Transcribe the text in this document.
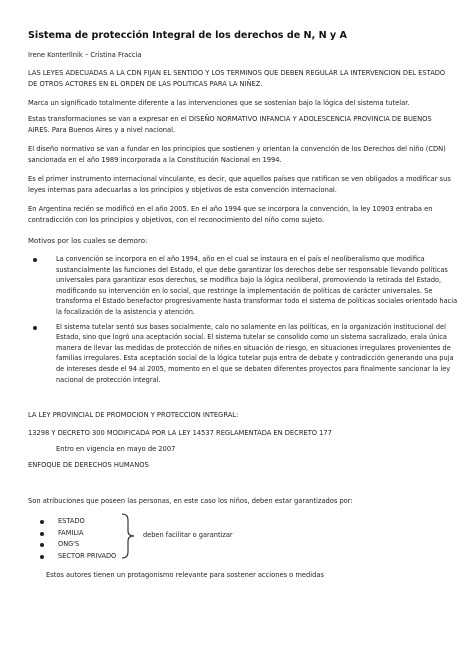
Sistema de protección Integral de los derechos de N, N y A
Irene Konterllnik – Cristina Fraccia
LAS LEYES ADECUADAS A LA CDN FIJAN EL SENTIDO Y LOS TERMINOS QUE DEBEN REGULAR LA INTERVENCION DEL ESTADO DE OTROS ACTORES EN EL ORDEN DE LAS POLITICAS PARA LA NIÑEZ.
Marca un significado totalmente diferente a las intervenciones que se sostenían bajo la lógica del sistema tutelar.
Estas transformaciones se van a expresar en el DISEÑO NORMATIVO INFANCIA Y ADOLESCENCIA PROVINCIA DE BUENOS AIRES. Para Buenos Aires y a nivel nacional.
El diseño normativo se van a fundar en los principios que sostienen y orientan la convención de los Derechos del niño (CDN) sancionada en el año 1989 incorporada a la Constitución Nacional en 1994.
Es el primer instrumento internacional vinculante, es decir, que aquellos países que ratifican se ven obligados a modificar sus leyes internas para adecuarlas a los principios y objetivos de esta convención internacional.
En Argentina recién se modificó en el año 2005. En el año 1994 que se incorpora la convención, la ley 10903 entraba en contradicción con los principios y objetivos, con el reconocimiento del niño como sujeto.
Motivos por los cuales se demoro:
La convención se incorpora en el año 1994, año en el cual se instaura en el país el neoliberalismo que modifica sustancialmente las funciones del Estado, el que debe garantizar los derechos debe ser responsable llevando políticas universales para garantizar esos derechos, se modifica bajo la lógica neoliberal, promoviendo la retirada del Estado, modificando su intervención en lo social, que restringe la implementación de políticas de carácter universales. Se transforma el Estado benefactor progresivamente hasta transformar todo el sistema de políticas sociales orientado hacia la focalización de la asistencia y atención.
El sistema tutelar sentó sus bases socialmente, calo no solamente en las políticas, en la organización institucional del Estado, sino que logró una aceptación social. El sistema tutelar se consolido como un sistema sacralizado, erala única manera de llevar las medidas de protección de niñes en situación de riesgo, en situaciones irregulares provenientes de familias irregulares. Esta aceptación social de la lógica tutelar puja entra de debate y contradicción generando una puja de intereses desde el 94 al 2005, momento en el que se debaten diferentes proyectos para finalmente sancionar la ley nacional de protección integral.
LA LEY PROVINCIAL DE PROMOCION Y PROTECCION INTEGRAL:
13298 Y DECRETO 300 MODIFICADA POR LA LEY 14537 REGLAMENTADA EN DECRETO 177
Entro en vigencia en mayo de 2007
ENFOQUE DE DERECHOS HUMANOS
Son atribuciones que poseen las personas, en este caso los niños, deben estar garantizados por:
ESTADO
FAMILIA
ONG'S
SECTOR PRIVADO
deben facilitar o garantizar
Estos autores tienen un protagonismo relevante para sostener acciones o medidas
